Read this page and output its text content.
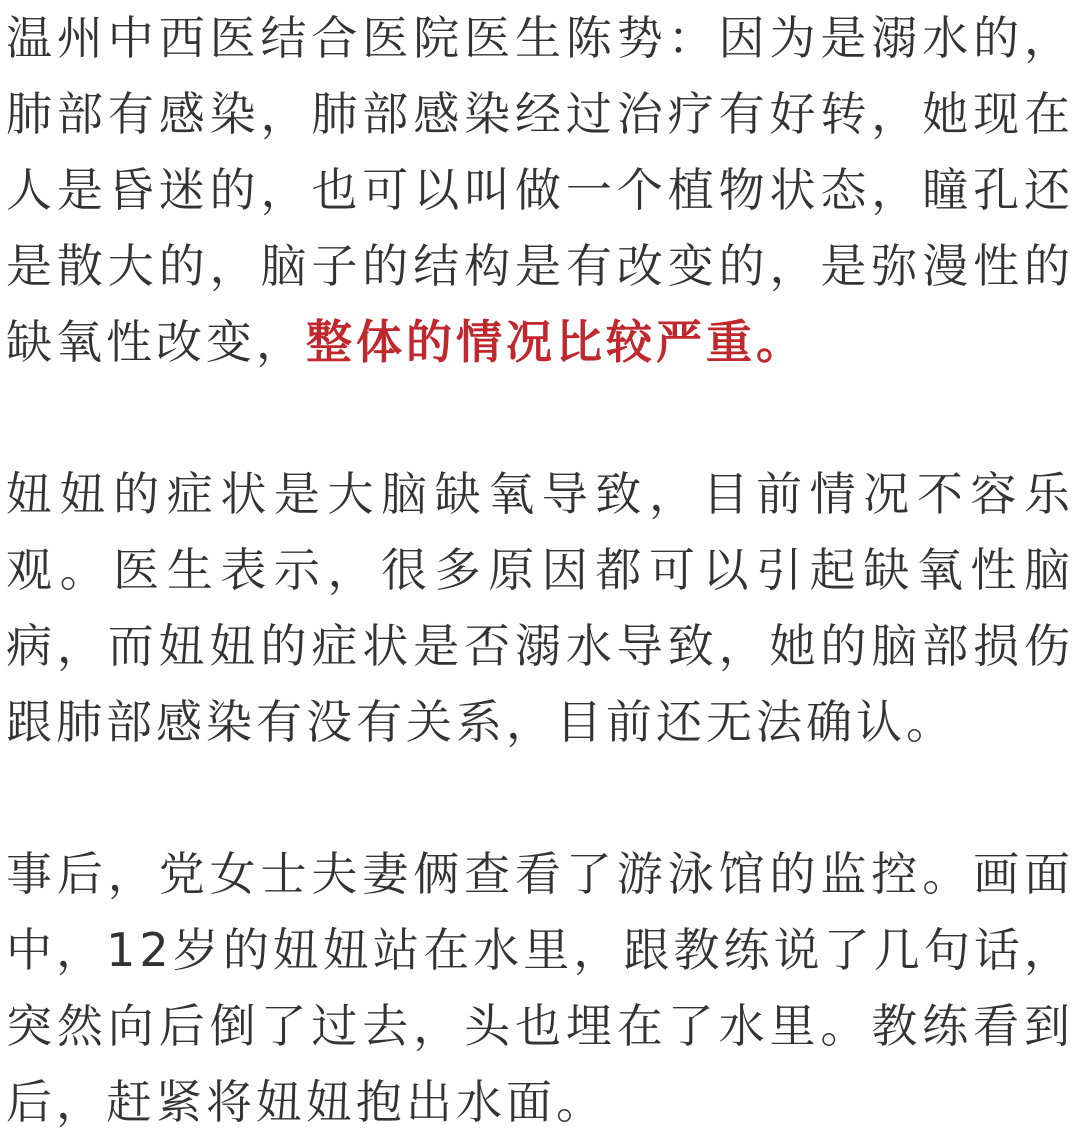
温州中西医结合医院医生陈势：因为是溺水的，肺部有感染，肺部感染经过治疗有好转，她现在人是昏迷的，也可以叫做一个植物状态，瞳孔还是散大的，脑子的结构是有改变的，是弥漫性的缺氧性改变，整体的情况比较严重。

妞妞的症状是大脑缺氧导致，目前情况不容乐观。医生表示，很多原因都可以引起缺氧性脑病，而妞妞的症状是否溺水导致，她的脑部损伤跟肺部感染有没有关系，目前还无法确认。

事后，党女士夫妻俩查看了游泳馆的监控。画面中，12岁的妞妞站在水里，跟教练说了几句话，突然向后倒了过去，头也埋在了水里。教练看到后，赶紧将妞妞抱出水面。
